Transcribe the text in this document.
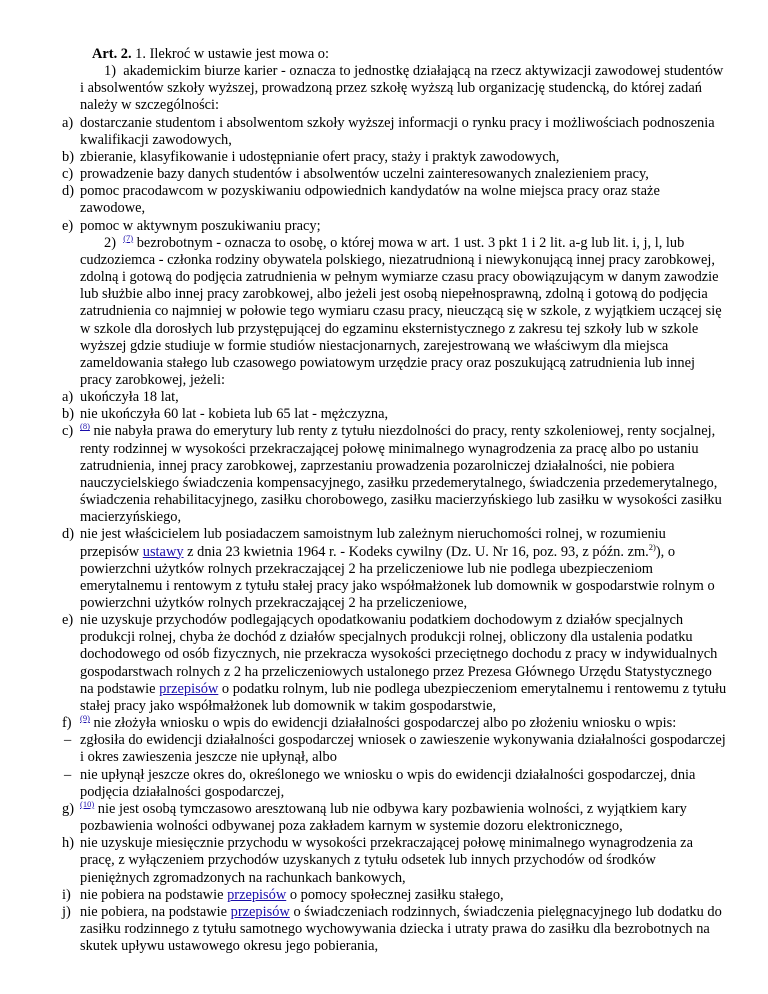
Art. 2. 1. Ilekroć w ustawie jest mowa o:

1) akademickim biurze karier - oznacza to jednostkę działającą na rzecz aktywizacji zawodowej studentów i absolwentów szkoły wyższej, prowadzoną przez szkołę wyższą lub organizację studencką, do której zadań należy w szczególności:

a) dostarczanie studentom i absolwentom szkoły wyższej informacji o rynku pracy i możliwościach podnoszenia kwalifikacji zawodowych,

b) zbieranie, klasyfikowanie i udostępnianie ofert pracy, staży i praktyk zawodowych,

c) prowadzenie bazy danych studentów i absolwentów uczelni zainteresowanych znalezieniem pracy,

d) pomoc pracodawcom w pozyskiwaniu odpowiednich kandydatów na wolne miejsca pracy oraz staże zawodowe,

e) pomoc w aktywnym poszukiwaniu pracy;

2) $^{(7)}$ bezrobotnym - oznacza to osobę, o której mowa w art. 1 ust. 3 pkt 1 i 2 lit. a-g lub lit. i, j, l, lub cudzoziemca - członka rodziny obywatela polskiego, niezatrudnioną i niewykonującą innej pracy zarobkowej, zdolną i gotową do podjęcia zatrudnienia w pełnym wymiarze czasu pracy obowiązującym w danym zawodzie lub służbie albo innej pracy zarobkowej, albo jeżeli jest osobą niepełnosprawną, zdolną i gotową do podjęcia zatrudnienia co najmniej w połowie tego wymiaru czasu pracy, nieuczącą się w szkole, z wyjątkiem uczącej się w szkole dla dorosłych lub przystępującej do egzaminu eksternistycznego z zakresu tej szkoły lub w szkole wyższej gdzie studiuje w formie studiów niestacjonarnych, zarejestrowaną we właściwym dla miejsca zameldowania stałego lub czasowego powiatowym urzędzie pracy oraz poszukującą zatrudnienia lub innej pracy zarobkowej, jeżeli:

a) ukończyła 18 lat,

b) nie ukończyła 60 lat - kobieta lub 65 lat - mężczyzna,

c) $^{(8)}$ nie nabyła prawa do emerytury lub renty z tytułu niezdolności do pracy, renty szkoleniowej, renty socjalnej, renty rodzinnej w wysokości przekraczającej połowę minimalnego wynagrodzenia za pracę albo po ustaniu zatrudnienia, innej pracy zarobkowej, zaprzestaniu prowadzenia pozarolniczej działalności, nie pobiera nauczycielskiego świadczenia kompensacyjnego, zasiłku przedemerytalnego, świadczenia przedemerytalnego, świadczenia rehabilitacyjnego, zasiłku chorobowego, zasiłku macierzyńskiego lub zasiłku w wysokości zasiłku macierzyńskiego,

d) nie jest właścicielem lub posiadaczem samoistnym lub zależnym nieruchomości rolnej, w rozumieniu przepisów ustawy z dnia 23 kwietnia 1964 r. - Kodeks cywilny (Dz. U. Nr 16, poz. 93, z późn. zm.$^{2)}$), o powierzchni użytków rolnych przekraczającej 2 ha przeliczeniowe lub nie podlega ubezpieczeniom emerytalnemu i rentowym z tytułu stałej pracy jako współmałżonek lub domownik w gospodarstwie rolnym o powierzchni użytków rolnych przekraczającej 2 ha przeliczeniowe,

e) nie uzyskuje przychodów podlegających opodatkowaniu podatkiem dochodowym z działów specjalnych produkcji rolnej, chyba że dochód z działów specjalnych produkcji rolnej, obliczony dla ustalenia podatku dochodowego od osób fizycznych, nie przekracza wysokości przeciętnego dochodu z pracy w indywidualnych gospodarstwach rolnych z 2 ha przeliczeniowych ustalonego przez Prezesa Głównego Urzędu Statystycznego na podstawie przepisów o podatku rolnym, lub nie podlega ubezpieczeniom emerytalnemu i rentowemu z tytułu stałej pracy jako współmałżonek lub domownik w takim gospodarstwie,

f) $^{(9)}$ nie złożyła wniosku o wpis do ewidencji działalności gospodarczej albo po złożeniu wniosku o wpis:

– zgłosiła do ewidencji działalności gospodarczej wniosek o zawieszenie wykonywania działalności gospodarczej i okres zawieszenia jeszcze nie upłynął, albo

– nie upłynął jeszcze okres do, określonego we wniosku o wpis do ewidencji działalności gospodarczej, dnia podjęcia działalności gospodarczej,

g) $^{(10)}$ nie jest osobą tymczasowo aresztowaną lub nie odbywa kary pozbawienia wolności, z wyjątkiem kary pozbawienia wolności odbywanej poza zakładem karnym w systemie dozoru elektronicznego,

h) nie uzyskuje miesięcznie przychodu w wysokości przekraczającej połowę minimalnego wynagrodzenia za pracę, z wyłączeniem przychodów uzyskanych z tytułu odsetek lub innych przychodów od środków pieniężnych zgromadzonych na rachunkach bankowych,

i) nie pobiera na podstawie przepisów o pomocy społecznej zasiłku stałego,

j) nie pobiera, na podstawie przepisów o świadczeniach rodzinnych, świadczenia pielęgnacyjnego lub dodatku do zasiłku rodzinnego z tytułu samotnego wychowywania dziecka i utraty prawa do zasiłku dla bezrobotnych na skutek upływu ustawowego okresu jego pobierania,
